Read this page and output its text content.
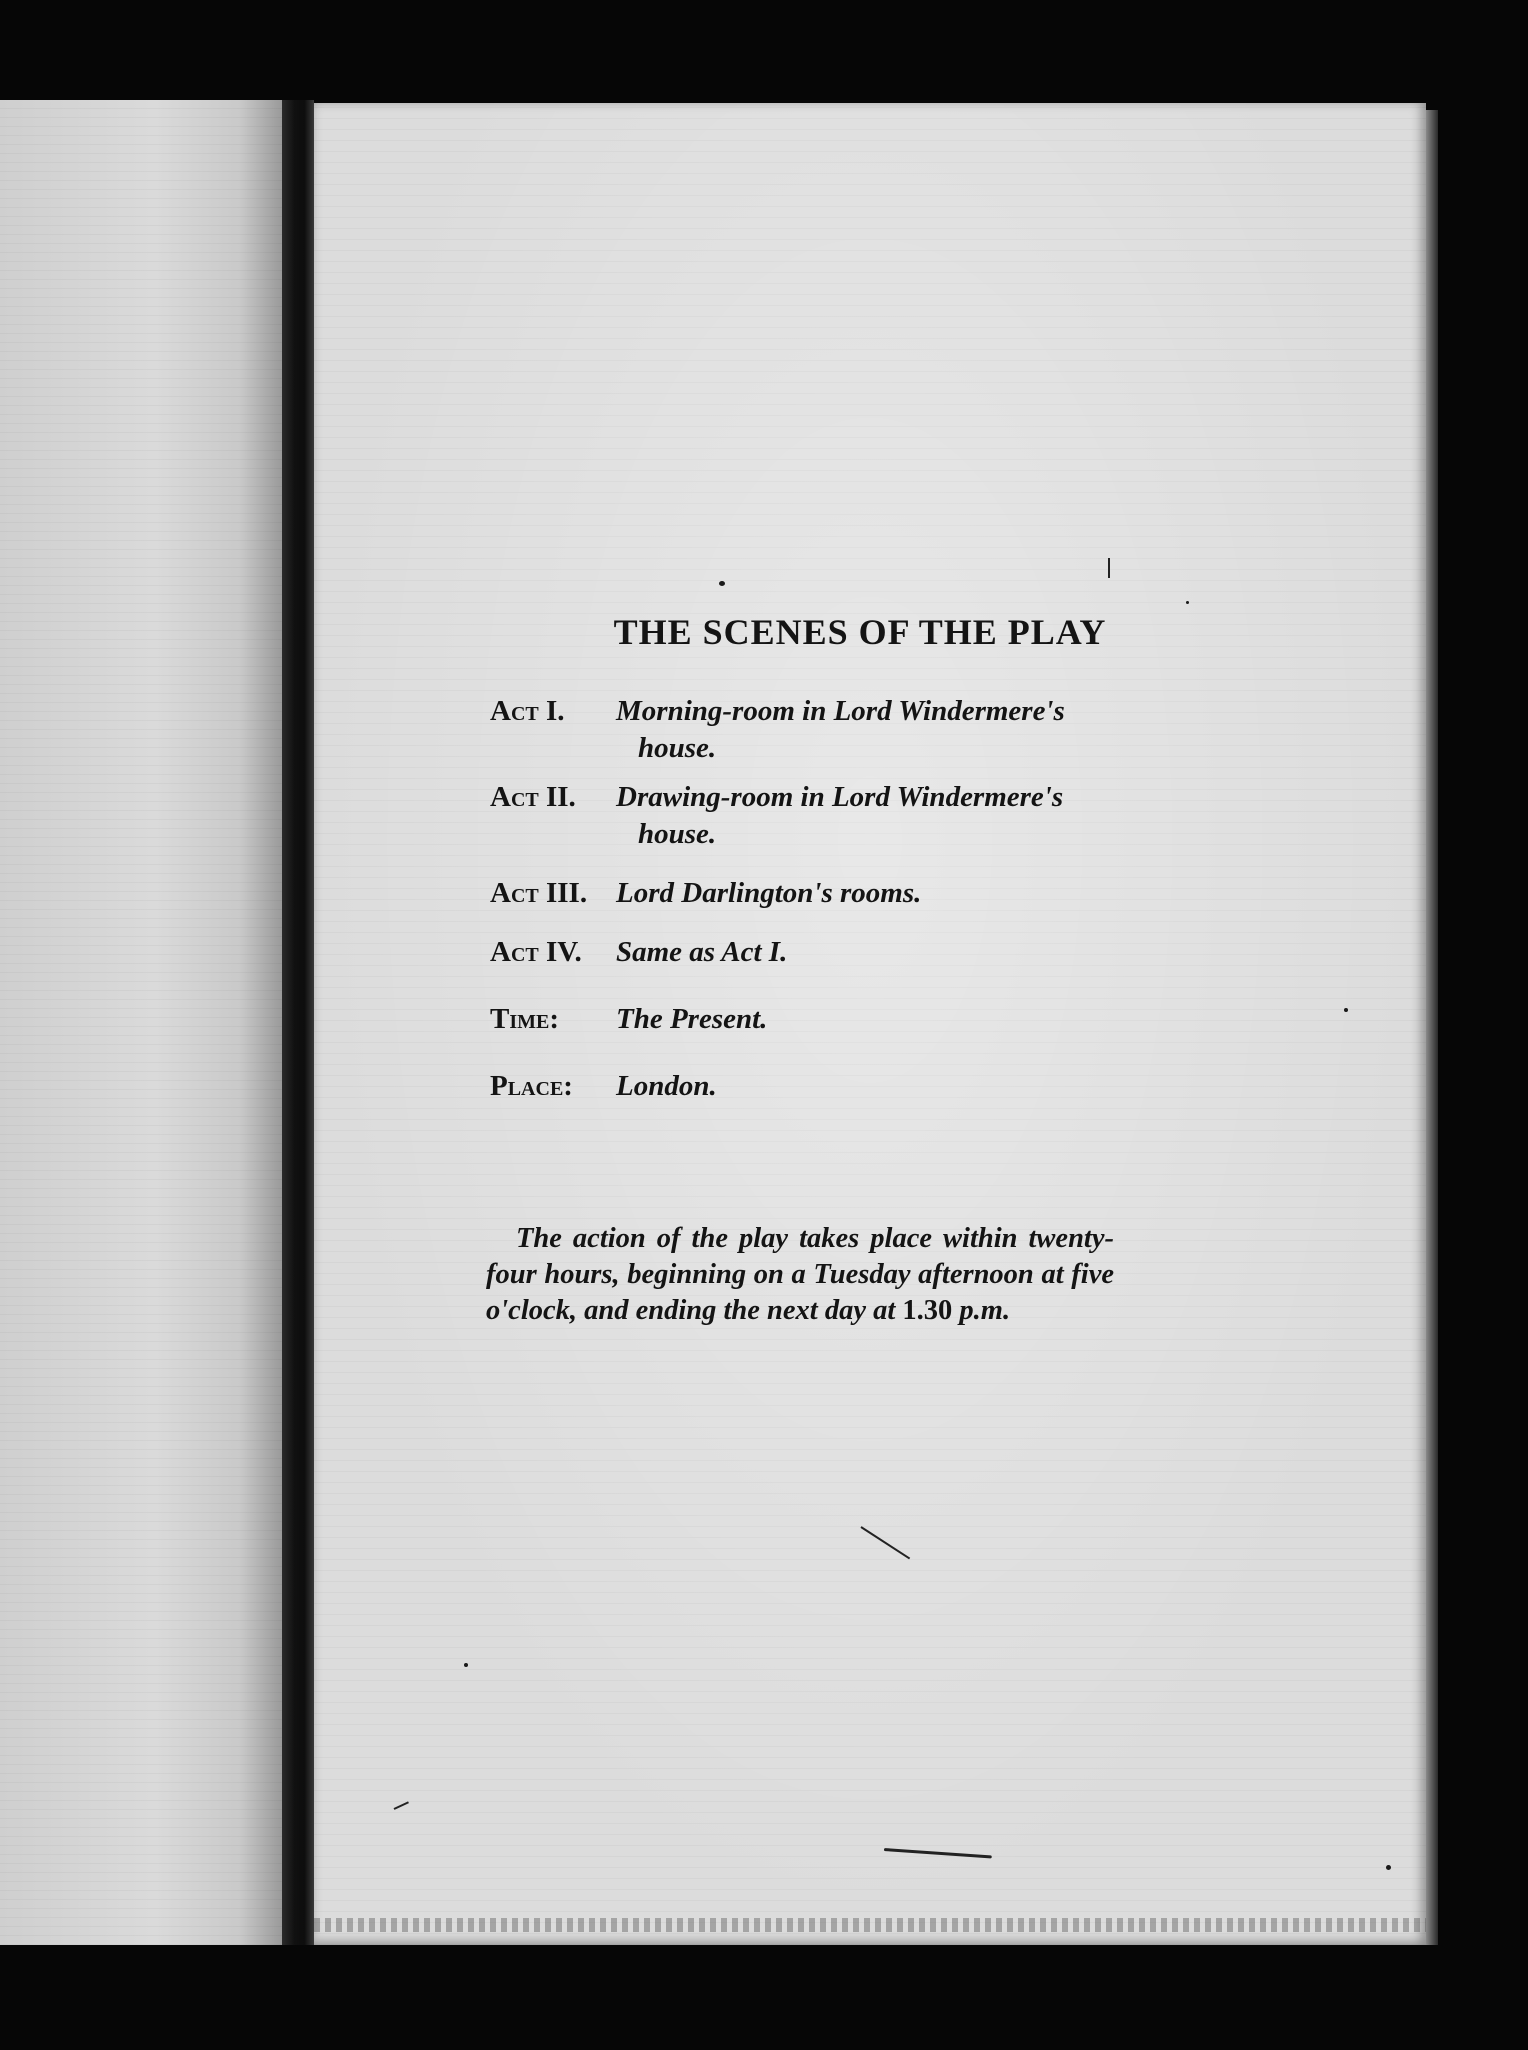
THE SCENES OF THE PLAY
Act I.	Morning-room in Lord Windermere's
house.
Act II.	Drawing-room in Lord Windermere's
house.
Act III. Lord Darlington's rooms.
Act IV.	Same as Act I.
Time:	The Present.
Place:	London.
The action of the play takes place within twenty-four hours, beginning on a Tuesday afternoon at five o'clock, and ending the next day at 1.30 p.m.
